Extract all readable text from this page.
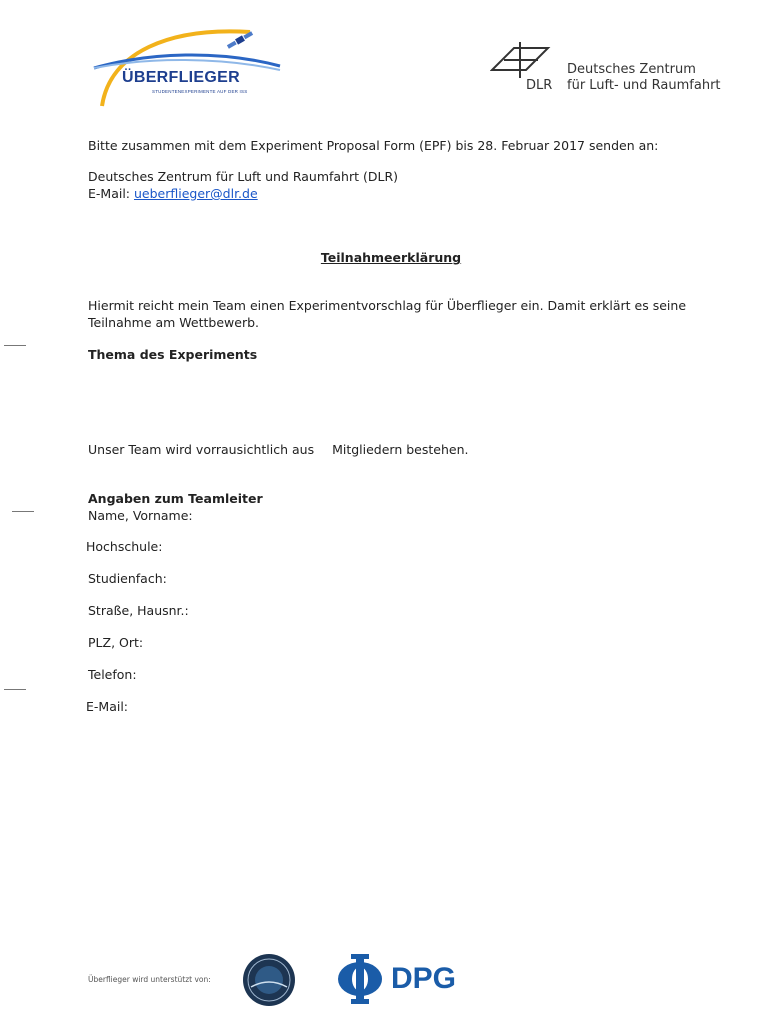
ÜBERFLIEGER
STUDENTENEXPERIMENTE AUF DER ISS	DLR
Deutsches Zentrum
für Luft- und Raumfahrt
Bitte zusammen mit dem Experiment Proposal Form (EPF) bis 28. Februar 2017 senden an:
Deutsches Zentrum für Luft und Raumfahrt (DLR)
E-Mail: ueberflieger@dlr.de
Teilnahmeerklärung
Hiermit reicht mein Team einen Experimentvorschlag für Überflieger ein. Damit erklärt es seine
Teilnahme am Wettbewerb.
Thema des Experiments
Unser Team wird vorrausichtlich aus Mitgliedern bestehen.
Angaben zum Teamleiter
Name, Vorname:
Hochschule:
Studienfach:
Straße, Hausnr.:
PLZ, Ort:
Telefon:
E-Mail:
Überflieger wird unterstützt von:	DPG
